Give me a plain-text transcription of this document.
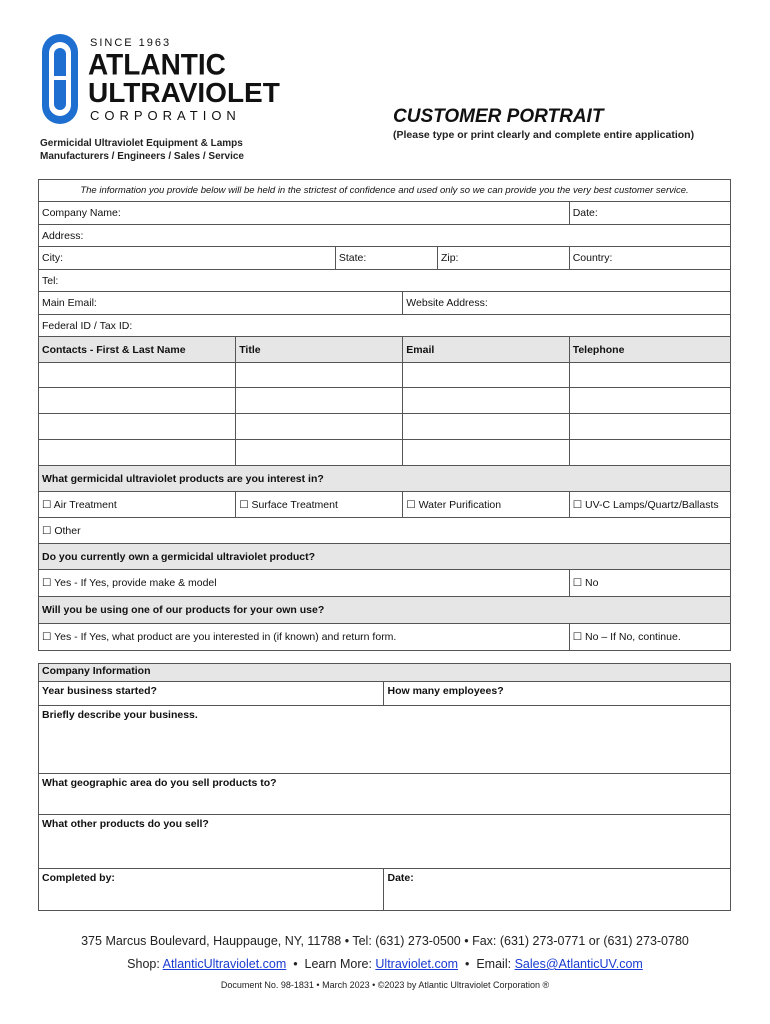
SINCE 1963
ATLANTIC
ULTRAVIOLET
CORPORATION
Germicidal Ultraviolet Equipment & Lamps
Manufacturers / Engineers / Sales / Service
CUSTOMER PORTRAIT
(Please type or print clearly and complete entire application)
The information you provide below will be held in the strictest of confidence and used only so we can provide you the very best customer service.					
Company Name:					Date:
Address:					
City:		State:		Zip:	Country:
Tel:					
Main Email:			Website Address:		
Federal ID / Tax ID:					
Contacts - First & Last Name	Title		Email		Telephone

What germicidal ultraviolet products are you interest in?					
☐ Air Treatment	☐ Surface Treatment		☐ Water Purification		☐ UV-C Lamps/Quartz/Ballasts
☐ Other					
Do you currently own a germicidal ultraviolet product?					
☐ Yes - If Yes, provide make & model					☐ No
Will you be using one of our products for your own use?					
☐ Yes - If Yes, what product are you interested in (if known) and return form.					☐ No – If No, continue.
Company Information	
Year business started?	How many employees?
Briefly describe your business.	
What geographic area do you sell products to?	
What other products do you sell?	
Completed by:	Date:
375 Marcus Boulevard, Hauppauge, NY, 11788 • Tel: (631) 273-0500 • Fax: (631) 273-0771 or (631) 273-0780
Shop: AtlanticUltraviolet.com  •  Learn More: Ultraviolet.com  •  Email: Sales@AtlanticUV.com
Document No. 98-1831 • March 2023 • ©2023 by Atlantic Ultraviolet Corporation ®
